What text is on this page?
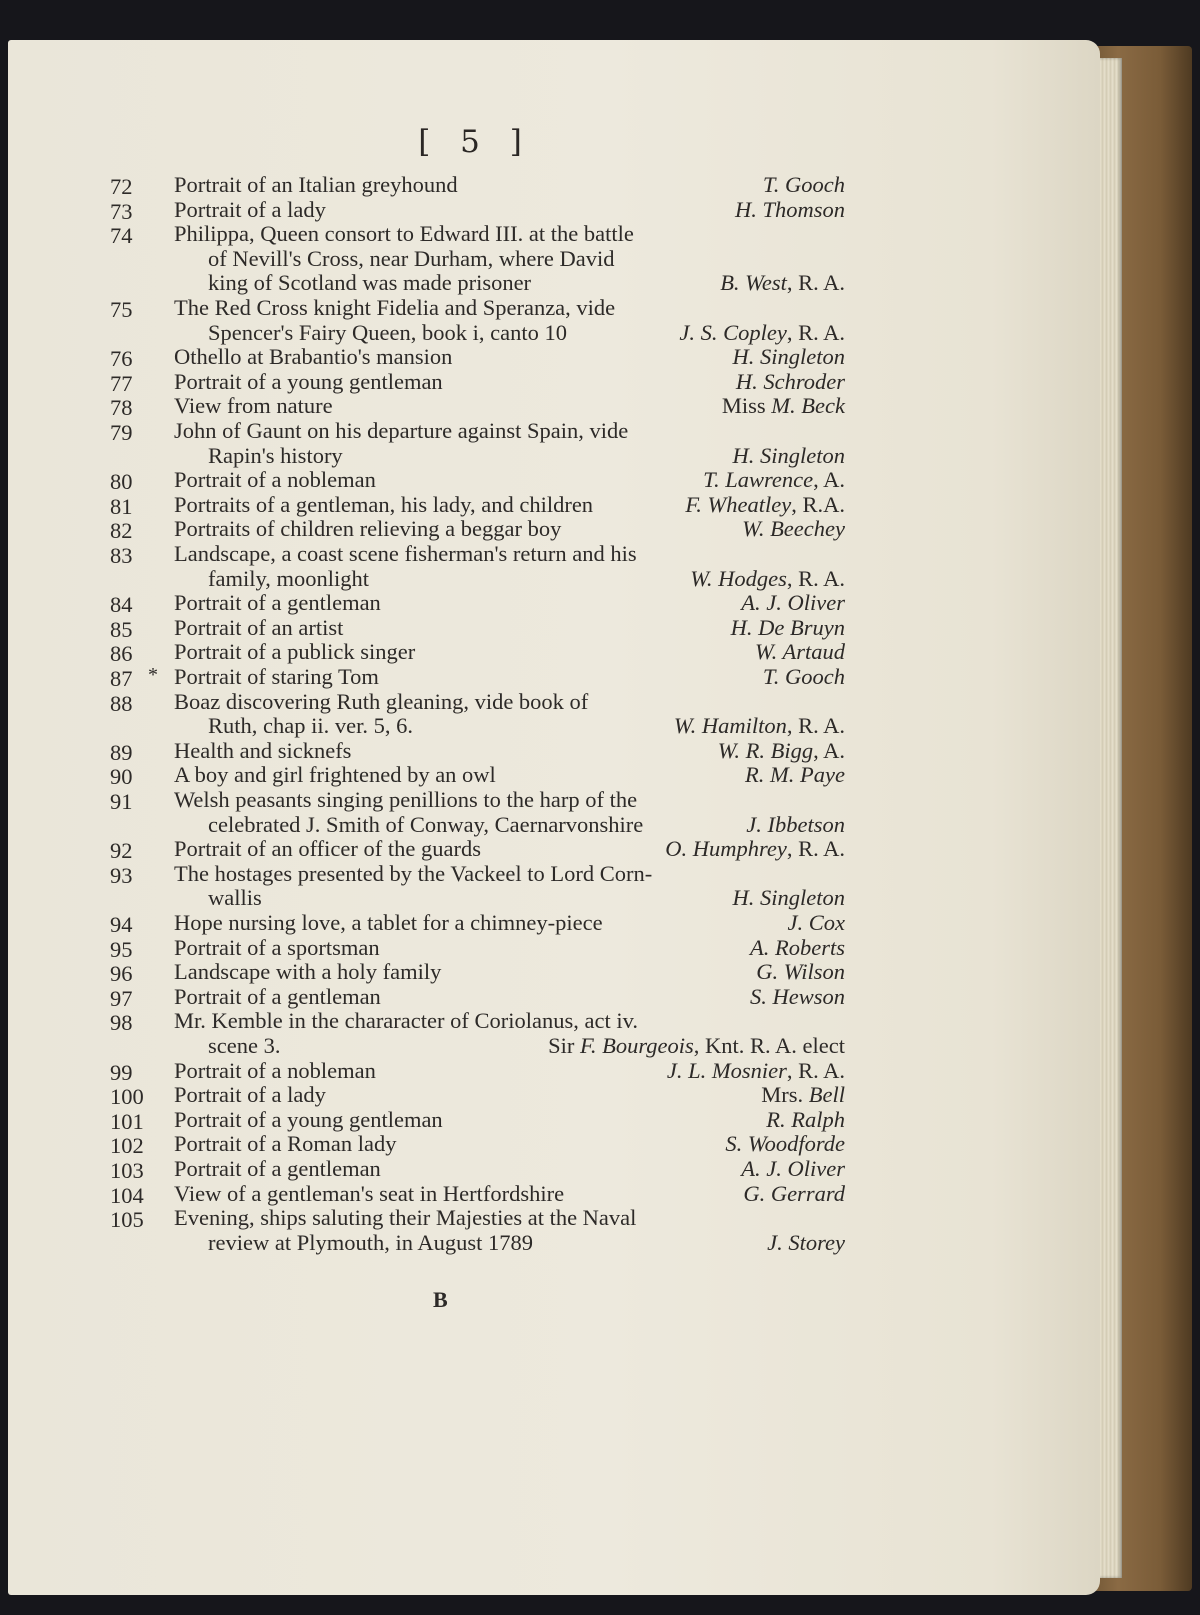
[ 5 ]
72 Portrait of an Italian greyhound	T. Gooch
73 Portrait of a lady	H. Thomson
74 Philippa, Queen consort to Edward III. at the battle
of Nevill's Cross, near Durham, where David
king of Scotland was made prisoner	B. West, R. A.
75 The Red Cross knight Fidelia and Speranza, vide
Spencer's Fairy Queen, book i, canto 10	J. S. Copley, R. A.
76 Othello at Brabantio's mansion	H. Singleton
77 Portrait of a young gentleman	H. Schroder
78 View from nature	Miss M. Beck
79 John of Gaunt on his departure against Spain, vide
Rapin's history	H. Singleton
80 Portrait of a nobleman	T. Lawrence, A.
81 Portraits of a gentleman, his lady, and children	F. Wheatley, R.A.
82 Portraits of children relieving a beggar boy	W. Beechey
83 Landscape, a coast scene fisherman's return and his
family, moonlight	W. Hodges, R. A.
84 Portrait of a gentleman	A. J. Oliver
85 Portrait of an artist	H. De Bruyn
86 Portrait of a publick singer	W. Artaud
87 * Portrait of staring Tom	T. Gooch
88 Boaz discovering Ruth gleaning, vide book of
Ruth, chap ii. ver. 5, 6.	W. Hamilton, R. A.
89 Health and sicknefs	W. R. Bigg, A.
90 A boy and girl frightened by an owl	R. M. Paye
91 Welsh peasants singing penillions to the harp of the
celebrated J. Smith of Conway, Caernarvonshire	J. Ibbetson
92 Portrait of an officer of the guards	O. Humphrey, R. A.
93 The hostages presented by the Vackeel to Lord Corn-
wallis	H. Singleton
94 Hope nursing love, a tablet for a chimney-piece	J. Cox
95 Portrait of a sportsman	A. Roberts
96 Landscape with a holy family	G. Wilson
97 Portrait of a gentleman	S. Hewson
98 Mr. Kemble in the chararacter of Coriolanus, act iv.
scene 3.	Sir F. Bourgeois, Knt. R. A. elect
99 Portrait of a nobleman	J. L. Mosnier, R. A.
100 Portrait of a lady	Mrs. Bell
101 Portrait of a young gentleman	R. Ralph
102 Portrait of a Roman lady	S. Woodforde
103 Portrait of a gentleman	A. J. Oliver
104 View of a gentleman's seat in Hertfordshire	G. Gerrard
105 Evening, ships saluting their Majesties at the Naval
review at Plymouth, in August 1789	J. Storey
B
